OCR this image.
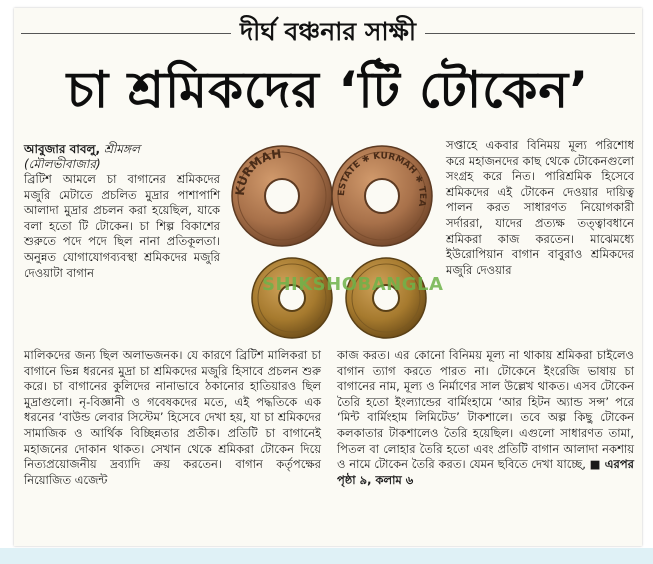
দীর্ঘ বঞ্চনার সাক্ষী
চা শ্রমিকদের ‘টি টোকেন’
আবুজার বাবলু, শ্রীমঙ্গল
(মৌলভীবাজার)

ব্রিটিশ আমলে চা বাগানের শ্রমিকদের মজুরি মেটাতে প্রচলিত মুদ্রার পাশাপাশি আলাদা মুদ্রার প্রচলন করা হয়েছিল, যাকে বলা হতো টি টোকেন। চা শিল্প বিকাশের শুরুতে পদে পদে ছিল নানা প্রতিকূলতা। অনুন্নত যোগাযোগব্যবস্থা শ্রমিকদের মজুরি দেওয়াটা বাগান

KURMAH
ESTATE ✱ KURMAH ✱ TEA
SHIKSHOBANGLA

সপ্তাহে একবার বিনিময় মূল্য পরিশোধ করে মহাজনদের কাছ থেকে টোকেনগুলো সংগ্রহ করে নিত। পারিশ্রমিক হিসেবে শ্রমিকদের এই টোকেন দেওয়ার দায়িত্ব পালন করত সাধারণত নিয়োগকারী সর্দাররা, যাদের প্রত্যক্ষ তত্ত্বাবধানে শ্রমিকরা কাজ করতেন। মাঝেমধ্যে ইউরোপিয়ান বাগান বাবুরাও শ্রমিকদের মজুরি দেওয়ার

মালিকদের জন্য ছিল অলাভজনক। যে কারণে ব্রিটিশ মালিকরা চা বাগানে ভিন্ন ধরনের মুদ্রা চা শ্রমিকদের মজুরি হিসাবে প্রচলন শুরু করে। চা বাগানের কুলিদের নানাভাবে ঠকানোর হাতিয়ারও ছিল মুদ্রাগুলো। নৃ-বিজ্ঞানী ও গবেষকদের মতে, এই পদ্ধতিকে এক ধরনের ‘বাউন্ড লেবার সিস্টেম’ হিসেবে দেখা হয়, যা চা শ্রমিকদের সামাজিক ও আর্থিক বিচ্ছিন্নতার প্রতীক। প্রতিটি চা বাগানেই মহাজনের দোকান থাকত। সেখান থেকে শ্রমিকরা টোকেন দিয়ে নিত্যপ্রয়োজনীয় দ্রব্যাদি ক্রয় করতেন। বাগান কর্তৃপক্ষের নিয়োজিত এজেন্ট

কাজ করত। এর কোনো বিনিময় মূল্য না থাকায় শ্রমিকরা চাইলেও বাগান ত্যাগ করতে পারত না। টোকেনে ইংরেজি ভাষায় চা বাগানের নাম, মূল্য ও নির্মাণের সাল উল্লেখ থাকত। এসব টোকেন তৈরি হতো ইংল্যান্ডের বার্মিংহামে ‘আর হিটন অ্যান্ড সন্স’ পরে ‘মিন্ট বার্মিংহাম লিমিটেড’ টাকশালে। তবে অল্প কিছু টোকেন কলকাতার টাকশালেও তৈরি হয়েছিল। এগুলো সাধারণত তামা, পিতল বা লোহার তৈরি হতো এবং প্রতিটি বাগান আলাদা নকশায় ও নামে টোকেন তৈরি করত। যেমন ছবিতে দেখা যাচ্ছে, ■ এরপর পৃষ্ঠা ৯, কলাম ৬
